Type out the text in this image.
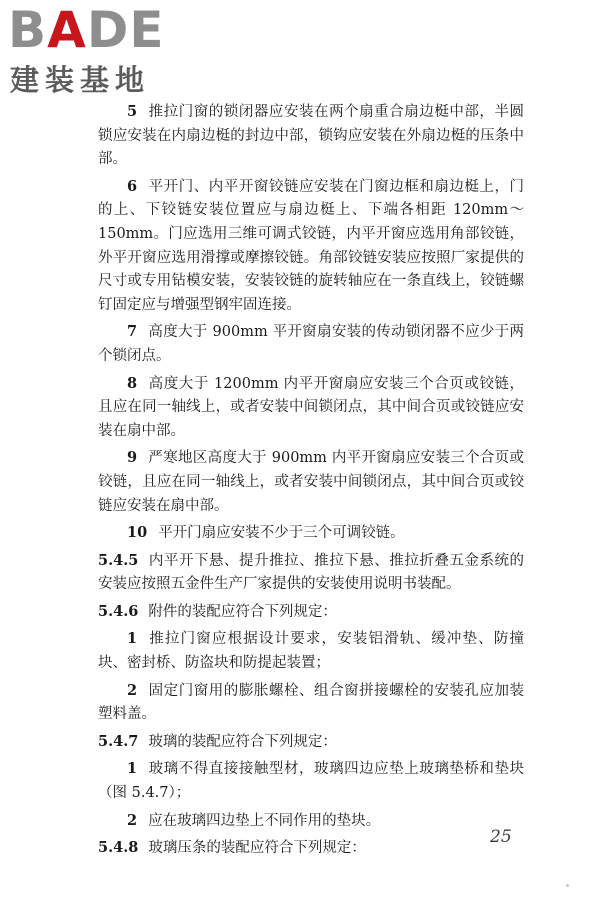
BADE
建装基地

5 推拉门窗的锁闭器应安装在两个扇重合扇边梃中部，半圆锁应安装在内扇边梃的封边中部，锁钩应安装在外扇边梃的压条中部。

6 平开门、内平开窗铰链应安装在门窗边框和扇边梃上，门的上、下铰链安装位置应与扇边梃上、下端各相距 120mm～150mm。门应选用三维可调式铰链，内平开窗应选用角部铰链，外平开窗应选用滑撑或摩擦铰链。角部铰链安装应按照厂家提供的尺寸或专用钻模安装，安装铰链的旋转轴应在一条直线上，铰链螺钉固定应与增强型钢牢固连接。

7 高度大于 900mm 平开窗扇安装的传动锁闭器不应少于两个锁闭点。

8 高度大于 1200mm 内平开窗扇应安装三个合页或铰链，且应在同一轴线上，或者安装中间锁闭点，其中间合页或铰链应安装在扇中部。

9 严寒地区高度大于 900mm 内平开窗扇应安装三个合页或铰链，且应在同一轴线上，或者安装中间锁闭点，其中间合页或铰链应安装在扇中部。

10 平开门扇应安装不少于三个可调铰链。

5.4.5 内平开下悬、提升推拉、推拉下悬、推拉折叠五金系统的安装应按照五金件生产厂家提供的安装使用说明书装配。

5.4.6 附件的装配应符合下列规定：

1 推拉门窗应根据设计要求，安装铝滑轨、缓冲垫、防撞块、密封桥、防盗块和防提起装置；

2 固定门窗用的膨胀螺栓、组合窗拼接螺栓的安装孔应加装塑料盖。

5.4.7 玻璃的装配应符合下列规定：

1 玻璃不得直接接触型材，玻璃四边应垫上玻璃垫桥和垫块（图 5.4.7）；

2 应在玻璃四边垫上不同作用的垫块。

5.4.8 玻璃压条的装配应符合下列规定：

25
